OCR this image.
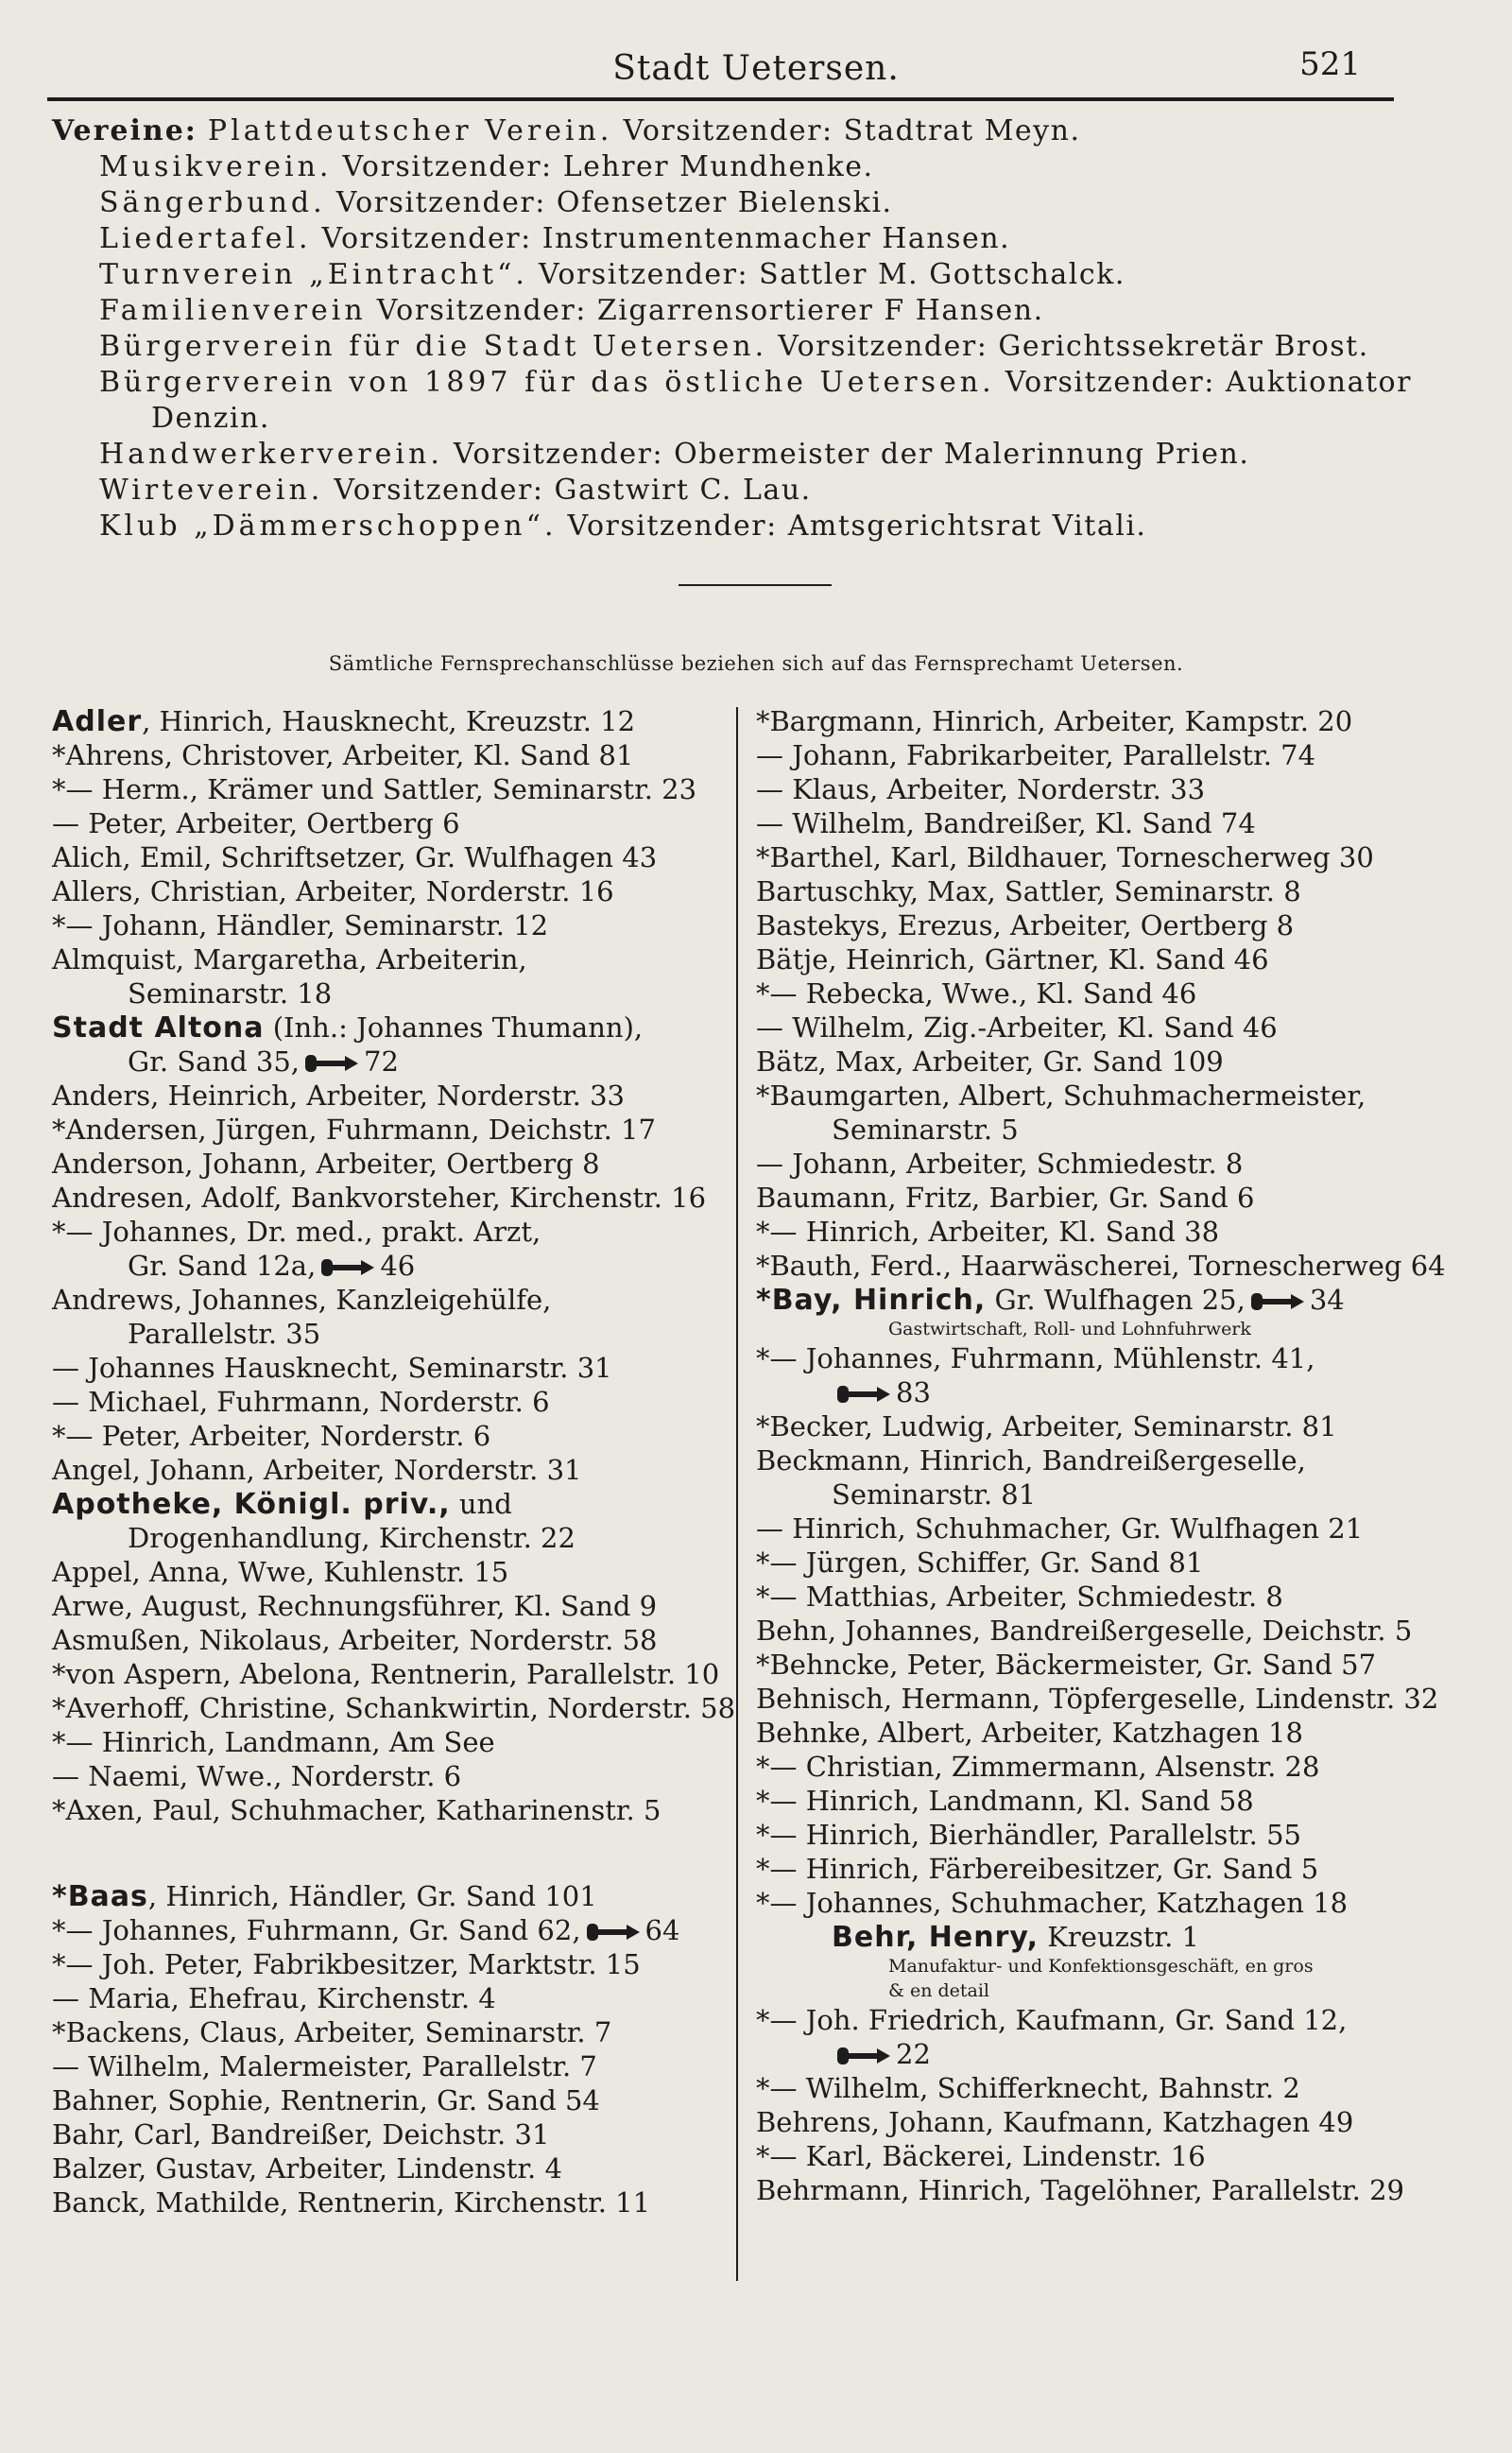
Stadt Uetersen.	521
Vereine: Plattdeutscher Verein. Vorsitzender: Stadtrat Meyn.
Musikverein. Vorsitzender: Lehrer Mundhenke.
Sängerbund. Vorsitzender: Ofensetzer Bielenski.
Liedertafel. Vorsitzender: Instrumentenmacher Hansen.
Turnverein „Eintracht“. Vorsitzender: Sattler M. Gottschalck.
Familienverein Vorsitzender: Zigarrensortierer F Hansen.
Bürgerverein für die Stadt Uetersen. Vorsitzender: Gerichtssekretär Brost.
Bürgerverein von 1897 für das östliche Uetersen. Vorsitzender: Auktionator
Denzin.
Handwerkerverein. Vorsitzender: Obermeister der Malerinnung Prien.
Wirteverein. Vorsitzender: Gastwirt C. Lau.
Klub „Dämmerschoppen“. Vorsitzender: Amtsgerichtsrat Vitali.
Sämtliche Fernsprechanschlüsse beziehen sich auf das Fernsprechamt Uetersen.
Adler, Hinrich, Hausknecht, Kreuzstr. 12
*Ahrens, Christover, Arbeiter, Kl. Sand 81
*— Herm., Krämer und Sattler, Seminarstr. 23
— Peter, Arbeiter, Oertberg 6
Alich, Emil, Schriftsetzer, Gr. Wulfhagen 43
Allers, Christian, Arbeiter, Norderstr. 16
*— Johann, Händler, Seminarstr. 12
Almquist, Margaretha, Arbeiterin,
Seminarstr. 18
Stadt Altona (Inh.: Johannes Thumann),
Gr. Sand 35, 72
Anders, Heinrich, Arbeiter, Norderstr. 33
*Andersen, Jürgen, Fuhrmann, Deichstr. 17
Anderson, Johann, Arbeiter, Oertberg 8
Andresen, Adolf, Bankvorsteher, Kirchenstr. 16
*— Johannes, Dr. med., prakt. Arzt,
Gr. Sand 12a, 46
Andrews, Johannes, Kanzleigehülfe,
Parallelstr. 35
— Johannes Hausknecht, Seminarstr. 31
— Michael, Fuhrmann, Norderstr. 6
*— Peter, Arbeiter, Norderstr. 6
Angel, Johann, Arbeiter, Norderstr. 31
Apotheke, Königl. priv., und
Drogenhandlung, Kirchenstr. 22
Appel, Anna, Wwe, Kuhlenstr. 15
Arwe, August, Rechnungsführer, Kl. Sand 9
Asmußen, Nikolaus, Arbeiter, Norderstr. 58
*von Aspern, Abelona, Rentnerin, Parallelstr. 10
*Averhoff, Christine, Schankwirtin, Norderstr. 58
*— Hinrich, Landmann, Am See
— Naemi, Wwe., Norderstr. 6
*Axen, Paul, Schuhmacher, Katharinenstr. 5
*Baas, Hinrich, Händler, Gr. Sand 101
*— Johannes, Fuhrmann, Gr. Sand 62, 64
*— Joh. Peter, Fabrikbesitzer, Marktstr. 15
— Maria, Ehefrau, Kirchenstr. 4
*Backens, Claus, Arbeiter, Seminarstr. 7
— Wilhelm, Malermeister, Parallelstr. 7
Bahner, Sophie, Rentnerin, Gr. Sand 54
Bahr, Carl, Bandreißer, Deichstr. 31
Balzer, Gustav, Arbeiter, Lindenstr. 4
Banck, Mathilde, Rentnerin, Kirchenstr. 11
*Bargmann, Hinrich, Arbeiter, Kampstr. 20
— Johann, Fabrikarbeiter, Parallelstr. 74
— Klaus, Arbeiter, Norderstr. 33
— Wilhelm, Bandreißer, Kl. Sand 74
*Barthel, Karl, Bildhauer, Tornescherweg 30
Bartuschky, Max, Sattler, Seminarstr. 8
Bastekys, Erezus, Arbeiter, Oertberg 8
Bätje, Heinrich, Gärtner, Kl. Sand 46
*— Rebecka, Wwe., Kl. Sand 46
— Wilhelm, Zig.-Arbeiter, Kl. Sand 46
Bätz, Max, Arbeiter, Gr. Sand 109
*Baumgarten, Albert, Schuhmachermeister,
Seminarstr. 5
— Johann, Arbeiter, Schmiedestr. 8
Baumann, Fritz, Barbier, Gr. Sand 6
*— Hinrich, Arbeiter, Kl. Sand 38
*Bauth, Ferd., Haarwäscherei, Tornescherweg 64
*Bay, Hinrich, Gr. Wulfhagen 25, 34
Gastwirtschaft, Roll- und Lohnfuhrwerk
*— Johannes, Fuhrmann, Mühlenstr. 41,
83
*Becker, Ludwig, Arbeiter, Seminarstr. 81
Beckmann, Hinrich, Bandreißergeselle,
Seminarstr. 81
— Hinrich, Schuhmacher, Gr. Wulfhagen 21
*— Jürgen, Schiffer, Gr. Sand 81
*— Matthias, Arbeiter, Schmiedestr. 8
Behn, Johannes, Bandreißergeselle, Deichstr. 5
*Behncke, Peter, Bäckermeister, Gr. Sand 57
Behnisch, Hermann, Töpfergeselle, Lindenstr. 32
Behnke, Albert, Arbeiter, Katzhagen 18
*— Christian, Zimmermann, Alsenstr. 28
*— Hinrich, Landmann, Kl. Sand 58
*— Hinrich, Bierhändler, Parallelstr. 55
*— Hinrich, Färbereibesitzer, Gr. Sand 5
*— Johannes, Schuhmacher, Katzhagen 18
Behr, Henry, Kreuzstr. 1
Manufaktur- und Konfektionsgeschäft, en gros
& en detail
*— Joh. Friedrich, Kaufmann, Gr. Sand 12,
22
*— Wilhelm, Schifferknecht, Bahnstr. 2
Behrens, Johann, Kaufmann, Katzhagen 49
*— Karl, Bäckerei, Lindenstr. 16
Behrmann, Hinrich, Tagelöhner, Parallelstr. 29
